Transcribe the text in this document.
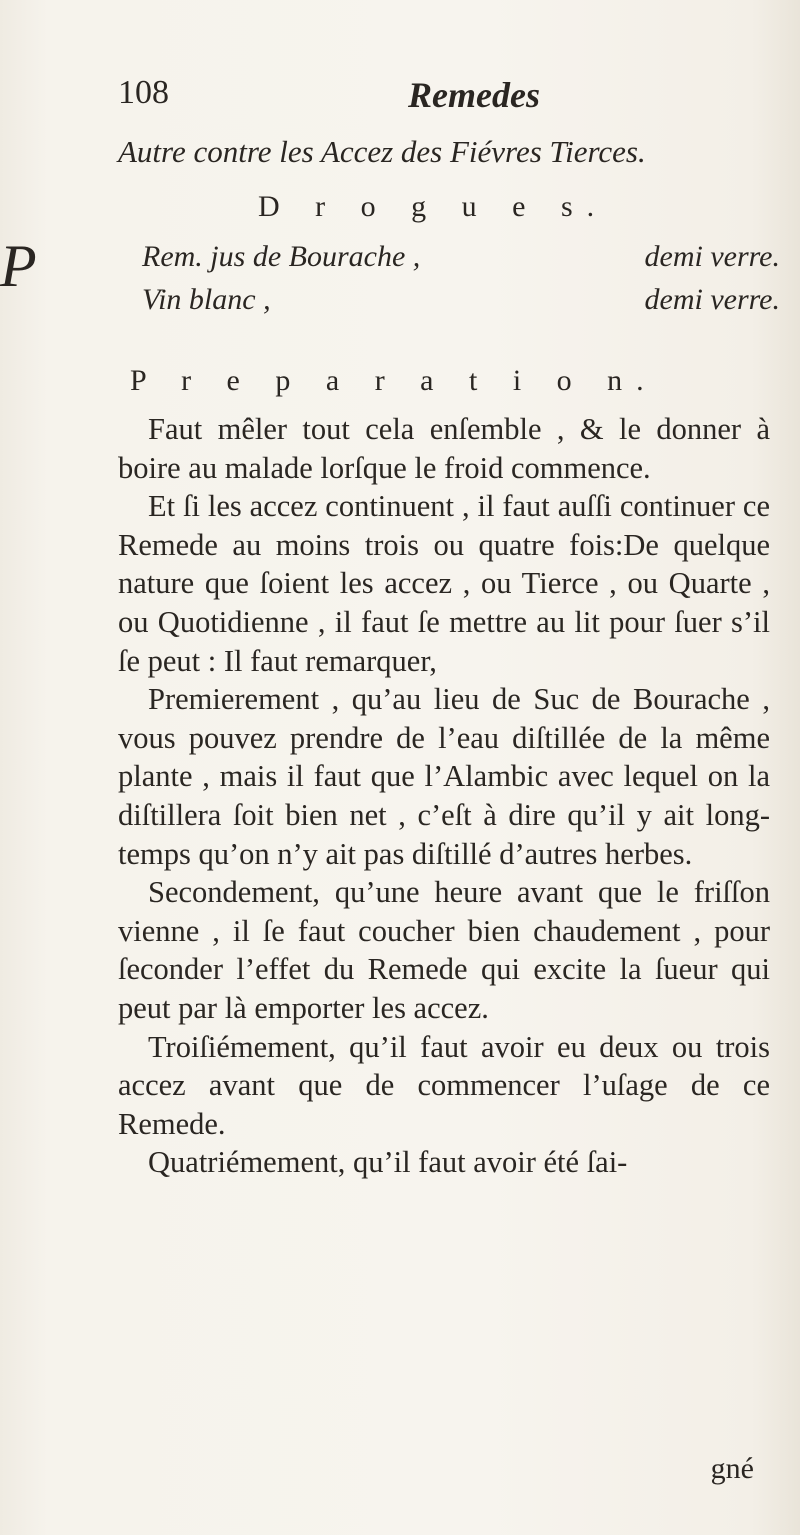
108	Remedes
Autre contre les Accez des Fiévres Tierces.
D r o g u e s.
P	Rem. jus de Bourache ,	demi verre.
Vin blanc ,	demi verre.
P r e p a r a t i o n.

Faut mêler tout cela enſemble , & le donner à boire au malade lorſque le froid commence.

Et ſi les accez continuent , il faut auſſi continuer ce Remede au moins trois ou quatre fois:De quelque nature que ſoient les accez , ou Tierce , ou Quarte , ou Quotidienne , il faut ſe mettre au lit pour ſuer s’il ſe peut : Il faut remarquer,

Premierement , qu’au lieu de Suc de Bourache , vous pouvez prendre de l’eau diſtillée de la même plante , mais il faut que l’Alambic avec lequel on la diſtillera ſoit bien net , c’eſt à dire qu’il y ait long-temps qu’on n’y ait pas diſtillé d’autres herbes.

Secondement, qu’une heure avant que le friſſon vienne , il ſe faut coucher bien chaudement , pour ſeconder l’effet du Remede qui excite la ſueur qui peut par là emporter les accez.

Troiſiémement, qu’il faut avoir eu deux ou trois accez avant que de commencer l’uſage de ce Remede.

Quatriémement, qu’il faut avoir été ſai-

gné
